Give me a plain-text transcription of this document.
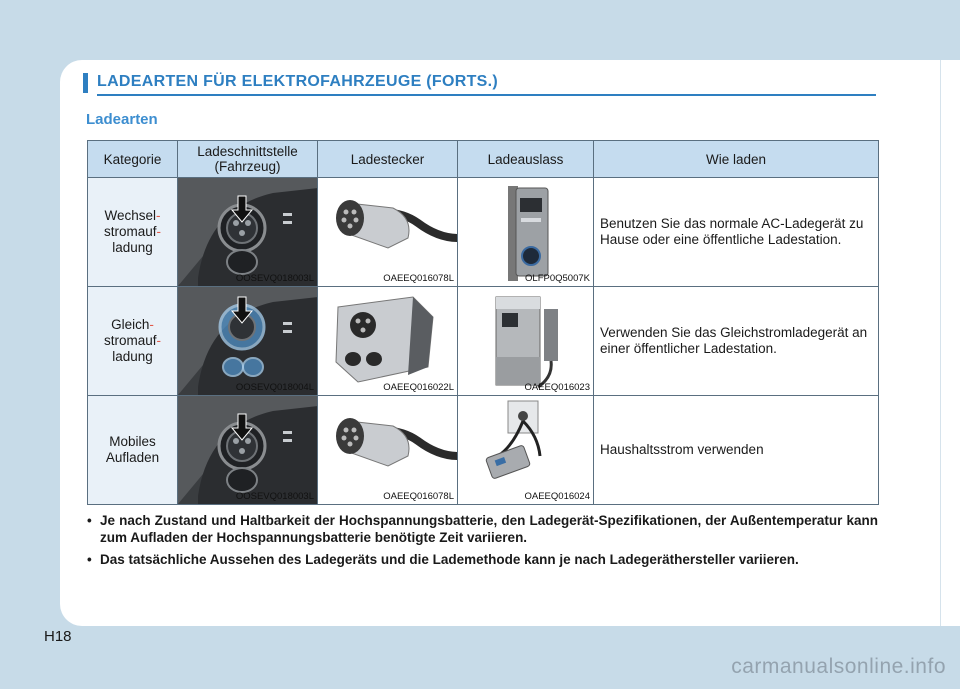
LADEARTEN FÜR ELEKTROFAHRZEUGE (FORTS.)
Ladearten
Kategorie	Ladeschnittstelle (Fahrzeug)	Ladestecker	Ladeauslass	Wie laden
Wechsel-
stromauf-
ladung	OOSEVQ018003L	OAEEQ016078L	OLFP0Q5007K	Benutzen Sie das normale AC-Ladegerät zu Hause oder eine öffentliche Ladestation.
Gleich-
stromauf-
ladung	OOSEVQ018004L	OAEEQ016022L	OAEEQ016023	Verwenden Sie das Gleichstromladegerät an einer öffentlicher Ladestation.
Mobiles
Aufladen	OOSEVQ018003L	OAEEQ016078L	OAEEQ016024	Haushaltsstrom verwenden
• Je nach Zustand und Haltbarkeit der Hochspannungsbatterie, den Ladegerät-Spezifikationen, der Außentemperatur kann zum Aufladen der Hochspannungsbatterie benötigte Zeit variieren.
• Das tatsächliche Aussehen des Ladegeräts und die Lademethode kann je nach Ladegeräthersteller variieren.
H18
carmanualsonline.info
